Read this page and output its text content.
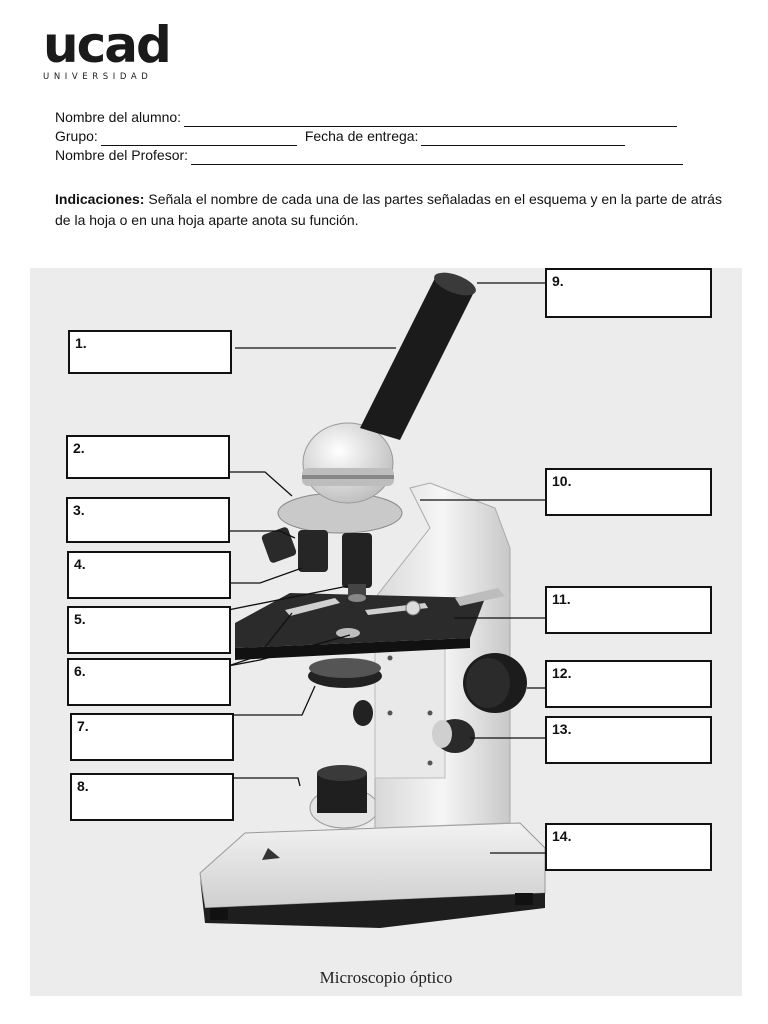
ucad
UNIVERSIDAD
Nombre del alumno:
Grupo:	Fecha de entrega:
Nombre del Profesor:
Indicaciones: Señala el nombre de cada una de las partes señaladas en el esquema y en la parte de atrás de la hoja o en una hoja aparte anota su función.
1.
2.
3.
4.
5.
6.
7.
8.
9.
10.
11.
12.
13.
14.
Microscopio óptico
